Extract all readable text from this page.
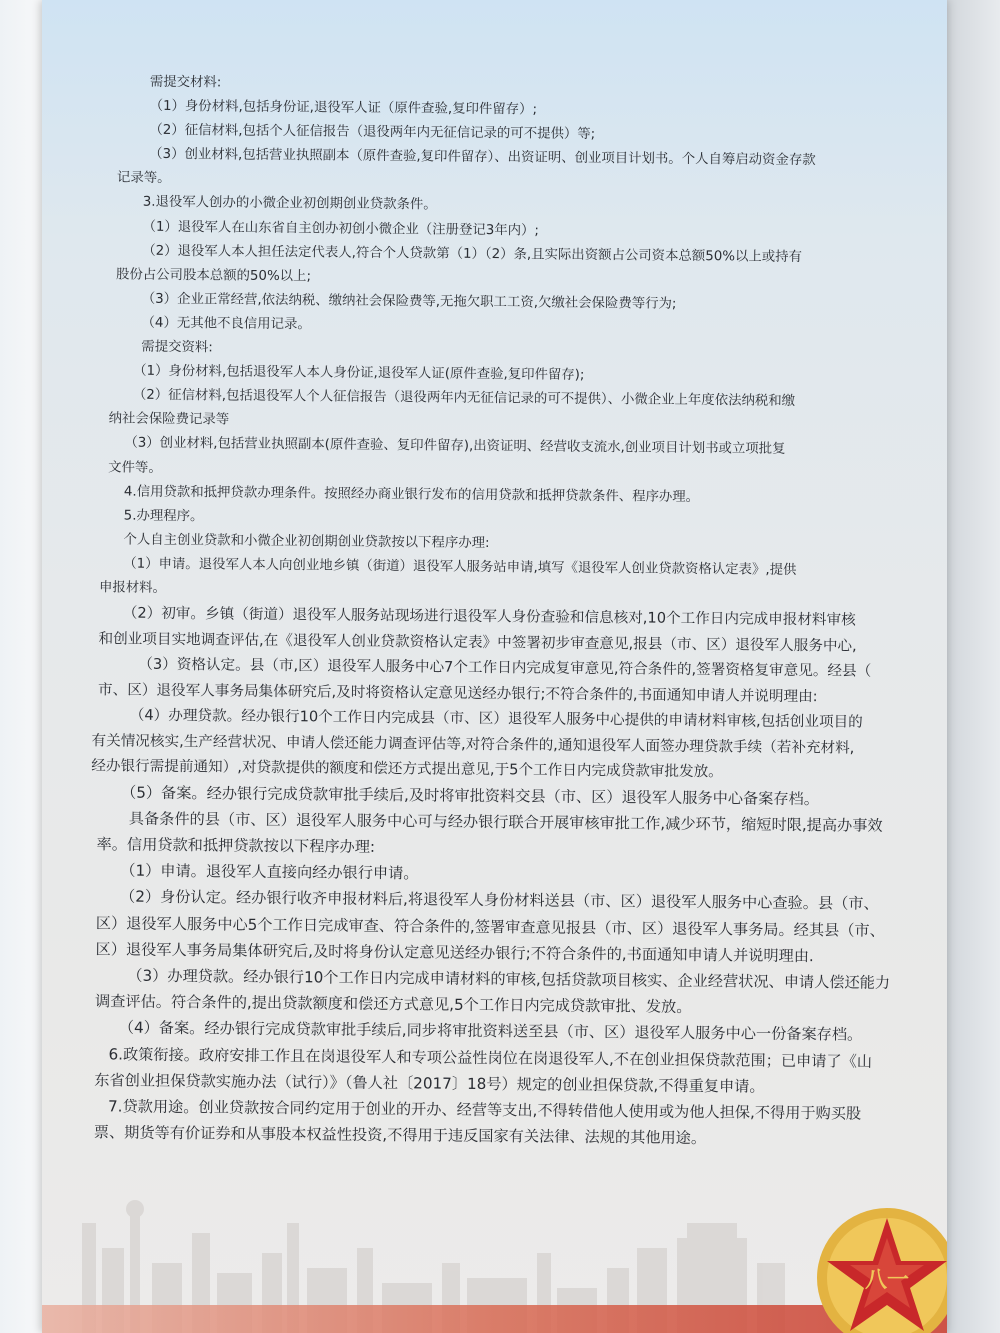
需提交材料:
（1）身份材料,包括身份证,退役军人证（原件查验,复印件留存）;
（2）征信材料,包括个人征信报告（退役两年内无征信记录的可不提供）等;
（3）创业材料,包括营业执照副本（原件查验,复印件留存）、出资证明、创业项目计划书。个人自筹启动资金存款
记录等。
3.退役军人创办的小微企业初创期创业贷款条件。
（1）退役军人在山东省自主创办初创小微企业（注册登记3年内）;
（2）退役军人本人担任法定代表人,符合个人贷款第（1）（2）条,且实际出资额占公司资本总额50%以上或持有
股份占公司股本总额的50%以上;
（3）企业正常经营,依法纳税、缴纳社会保险费等,无拖欠职工工资,欠缴社会保险费等行为;
（4）无其他不良信用记录。
需提交资料:
（1）身份材料,包括退役军人本人身份证,退役军人证(原件查验,复印件留存);
（2）征信材料,包括退役军人个人征信报告（退役两年内无征信记录的可不提供）、小微企业上年度依法纳税和缴
纳社会保险费记录等
（3）创业材料,包括营业执照副本(原件查验、复印件留存),出资证明、经营收支流水,创业项目计划书或立项批复
文件等。
4.信用贷款和抵押贷款办理条件。按照经办商业银行发布的信用贷款和抵押贷款条件、程序办理。
5.办理程序。
个人自主创业贷款和小微企业初创期创业贷款按以下程序办理:
（1）申请。退役军人本人向创业地乡镇（街道）退役军人服务站申请,填写《退役军人创业贷款资格认定表》,提供
申报材料。
（2）初审。乡镇（街道）退役军人服务站现场进行退役军人身份查验和信息核对,10个工作日内完成申报材料审核
和创业项目实地调查评估,在《退役军人创业贷款资格认定表》中签署初步审查意见,报县（市、区）退役军人服务中心,
（3）资格认定。县（市,区）退役军人服务中心7个工作日内完成复审意见,符合条件的,签署资格复审意见。经县（
市、区）退役军人事务局集体研究后,及时将资格认定意见送经办银行;不符合条件的,书面通知申请人并说明理由:
（4）办理贷款。经办银行10个工作日内完成县（市、区）退役军人服务中心提供的申请材料审核,包括创业项目的
有关情况核实,生产经营状况、申请人偿还能力调查评估等,对符合条件的,通知退役军人面签办理贷款手续（若补充材料,
经办银行需提前通知）,对贷款提供的额度和偿还方式提出意见,于5个工作日内完成贷款审批发放。
（5）备案。经办银行完成贷款审批手续后,及时将审批资料交县（市、区）退役军人服务中心备案存档。
具备条件的县（市、区）退役军人服务中心可与经办银行联合开展审核审批工作,减少环节，缩短时限,提高办事效
率。信用贷款和抵押贷款按以下程序办理:
（1）申请。退役军人直接向经办银行申请。
（2）身份认定。经办银行收齐申报材料后,将退役军人身份材料送县（市、区）退役军人服务中心查验。县（市、
区）退役军人服务中心5个工作日完成审查、符合条件的,签署审查意见报县（市、区）退役军人事务局。经其县（市、
区）退役军人事务局集体研究后,及时将身份认定意见送经办银行;不符合条件的,书面通知申请人并说明理由.
（3）办理贷款。经办银行10个工作日内完成申请材料的审核,包括贷款项目核实、企业经营状况、申请人偿还能力
调查评估。符合条件的,提出贷款额度和偿还方式意见,5个工作日内完成贷款审批、发放。
（4）备案。经办银行完成贷款审批手续后,同步将审批资料送至县（市、区）退役军人服务中心一份备案存档。
6.政策衔接。政府安排工作且在岗退役军人和专项公益性岗位在岗退役军人,不在创业担保贷款范围；已申请了《山
东省创业担保贷款实施办法（试行）》（鲁人社〔2017〕18号）规定的创业担保贷款,不得重复申请。
7.贷款用途。创业贷款按合同约定用于创业的开办、经营等支出,不得转借他人使用或为他人担保,不得用于购买股
票、期货等有价证券和从事股本权益性投资,不得用于违反国家有关法律、法规的其他用途。
八一
